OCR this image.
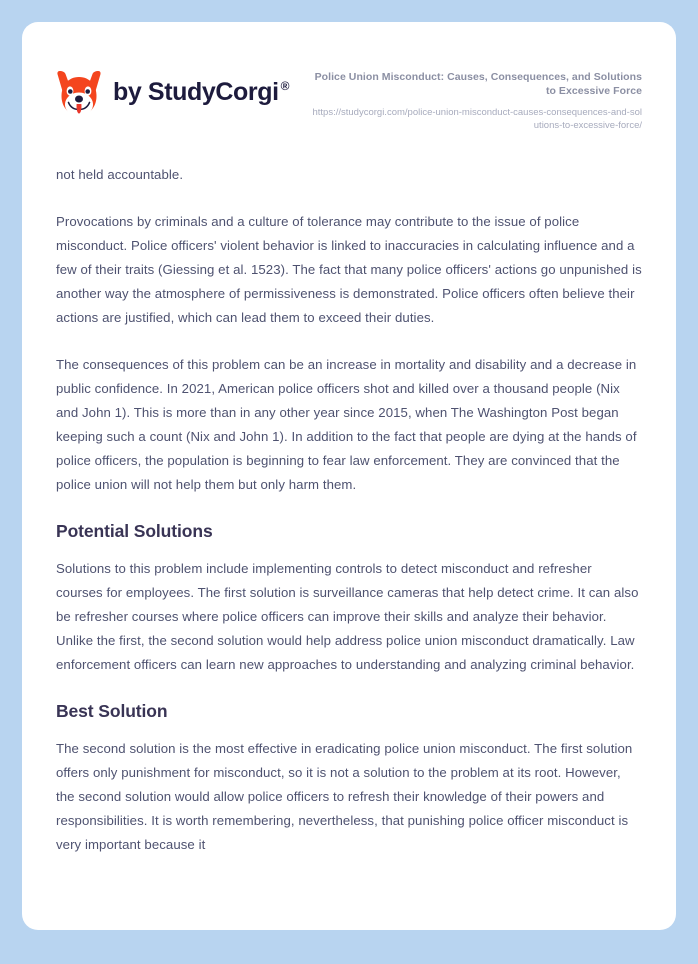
by StudyCorgi ®

Police Union Misconduct: Causes, Consequences, and Solutions to Excessive Force

https://studycorgi.com/police-union-misconduct-causes-consequences-and-solutions-to-excessive-force/

not held accountable.

Provocations by criminals and a culture of tolerance may contribute to the issue of police misconduct. Police officers' violent behavior is linked to inaccuracies in calculating influence and a few of their traits (Giessing et al. 1523). The fact that many police officers' actions go unpunished is another way the atmosphere of permissiveness is demonstrated. Police officers often believe their actions are justified, which can lead them to exceed their duties.

The consequences of this problem can be an increase in mortality and disability and a decrease in public confidence. In 2021, American police officers shot and killed over a thousand people (Nix and John 1). This is more than in any other year since 2015, when The Washington Post began keeping such a count (Nix and John 1). In addition to the fact that people are dying at the hands of police officers, the population is beginning to fear law enforcement. They are convinced that the police union will not help them but only harm them.

Potential Solutions

Solutions to this problem include implementing controls to detect misconduct and refresher courses for employees. The first solution is surveillance cameras that help detect crime. It can also be refresher courses where police officers can improve their skills and analyze their behavior. Unlike the first, the second solution would help address police union misconduct dramatically. Law enforcement officers can learn new approaches to understanding and analyzing criminal behavior.

Best Solution

The second solution is the most effective in eradicating police union misconduct. The first solution offers only punishment for misconduct, so it is not a solution to the problem at its root. However, the second solution would allow police officers to refresh their knowledge of their powers and responsibilities. It is worth remembering, nevertheless, that punishing police officer misconduct is very important because it
